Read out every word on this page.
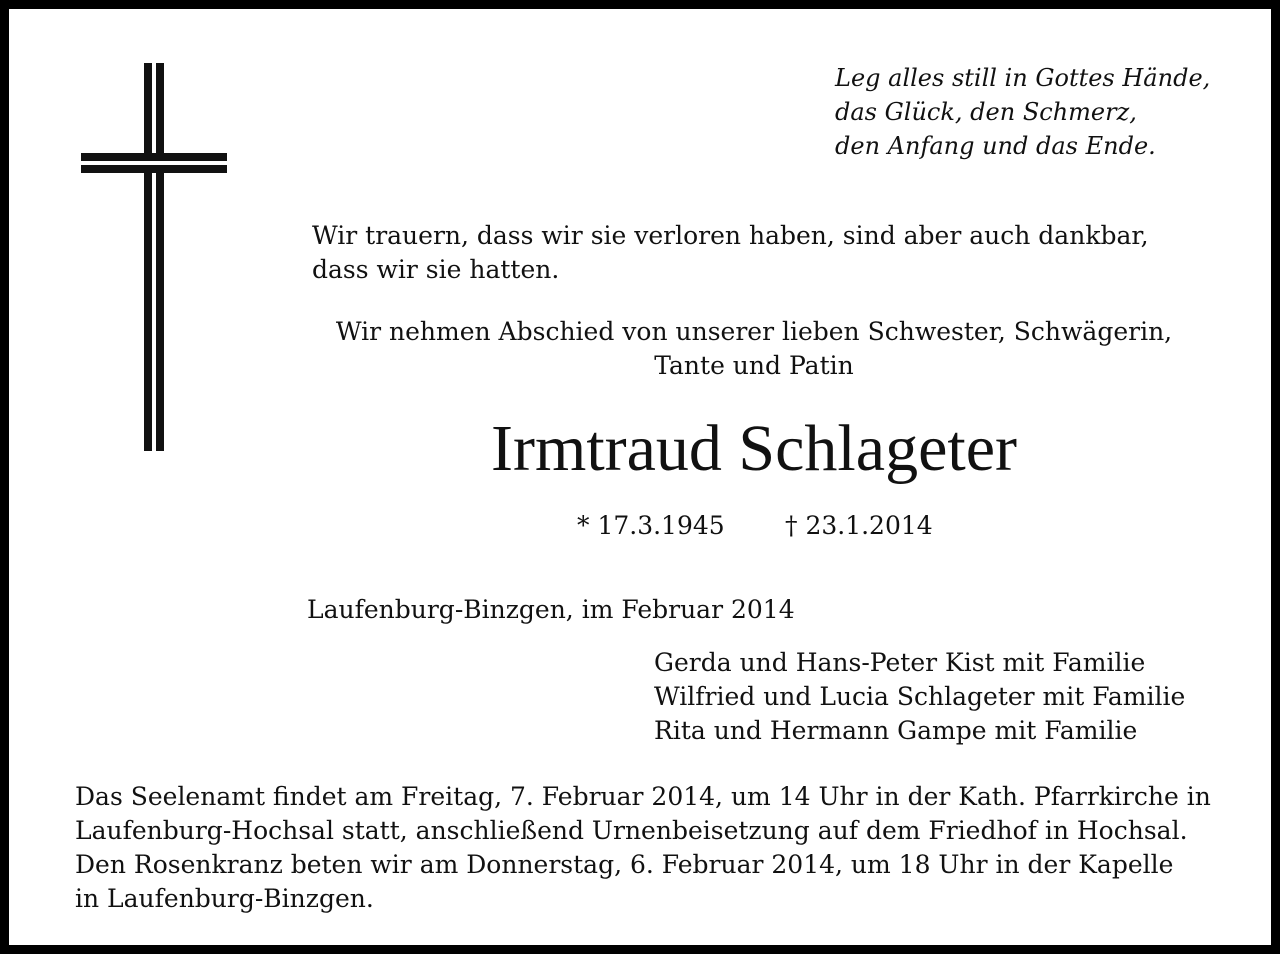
Leg alles still in Gottes Hände,
das Glück, den Schmerz,
den Anfang und das Ende.
Wir trauern, dass wir sie verloren haben, sind aber auch dankbar,
dass wir sie hatten.
Wir nehmen Abschied von unserer lieben Schwester, Schwägerin,
Tante und Patin
Irmtraud Schlageter
* 17.3.1945 † 23.1.2014
Laufenburg-Binzgen, im Februar 2014
Gerda und Hans-Peter Kist mit Familie
Wilfried und Lucia Schlageter mit Familie
Rita und Hermann Gampe mit Familie
Das Seelenamt findet am Freitag, 7. Februar 2014, um 14 Uhr in der Kath. Pfarrkirche in
Laufenburg-Hochsal statt, anschließend Urnenbeisetzung auf dem Friedhof in Hochsal.
Den Rosenkranz beten wir am Donnerstag, 6. Februar 2014, um 18 Uhr in der Kapelle
in Laufenburg-Binzgen.
